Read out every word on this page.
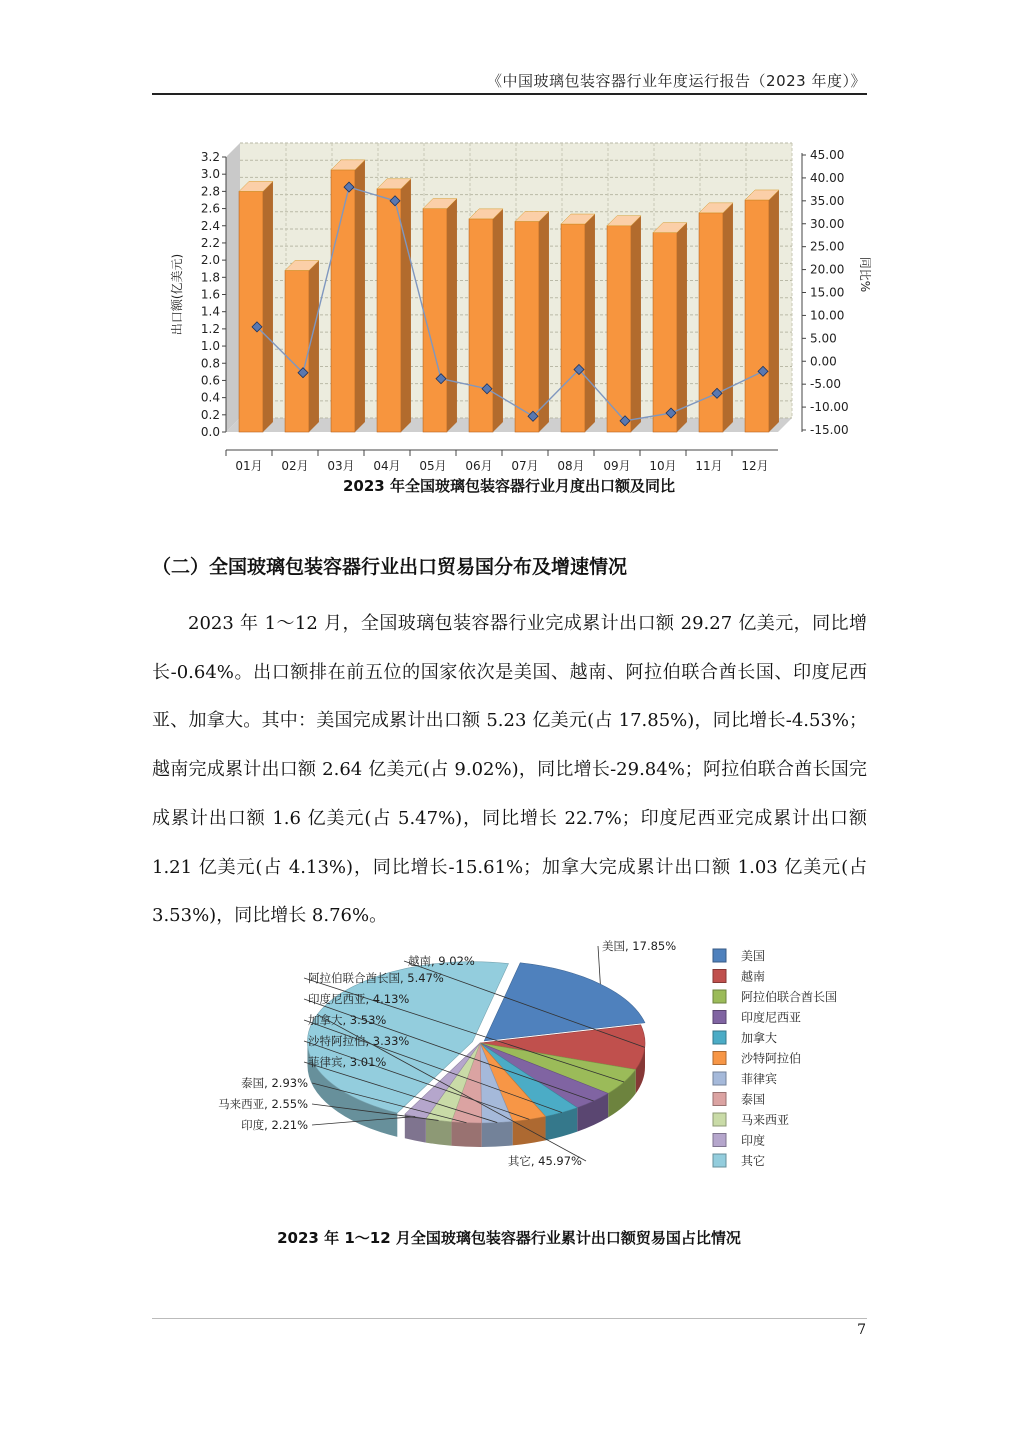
《中国玻璃包装容器行业年度运行报告（2023 年度）》
0.0
0.2
0.4
0.6
0.8
1.0
1.2
1.4
1.6
1.8
2.0
2.2
2.4
2.6
2.8
3.0
3.2
-15.00
-10.00
-5.00
0.00
5.00
10.00
15.00
20.00
25.00
30.00
35.00
40.00
45.00
01月 02月 03月 04月 05月 06月 07月 08月 09月 10月 11月 12月
出口额(亿美元)	同比%
2023 年全国玻璃包装容器行业月度出口额及同比
（二）全国玻璃包装容器行业出口贸易国分布及增速情况
2023 年 1～12 月，全国玻璃包装容器行业完成累计出口额 29.27 亿美元，同比增长-0.64%。出口额排在前五位的国家依次是美国、越南、阿拉伯联合酋长国、印度尼西亚、加拿大。其中：美国完成累计出口额 5.23 亿美元(占 17.85%)，同比增长-4.53%；越南完成累计出口额 2.64 亿美元(占 9.02%)，同比增长-29.84%；阿拉伯联合酋长国完成累计出口额 1.6 亿美元(占 5.47%)，同比增长 22.7%；印度尼西亚完成累计出口额 1.21 亿美元(占 4.13%)，同比增长-15.61%；加拿大完成累计出口额 1.03 亿美元(占 3.53%)，同比增长 8.76%。
美国, 17.85%
越南, 9.02%
阿拉伯联合酋长国, 5.47%
印度尼西亚, 4.13%
加拿大, 3.53%
沙特阿拉伯, 3.33%
菲律宾, 3.01%
泰国, 2.93%
马来西亚, 2.55%
印度, 2.21%
其它, 45.97%
美国
越南
阿拉伯联合酋长国
印度尼西亚
加拿大
沙特阿拉伯
菲律宾
泰国
马来西亚
印度
其它
2023 年 1～12 月全国玻璃包装容器行业累计出口额贸易国占比情况
7
